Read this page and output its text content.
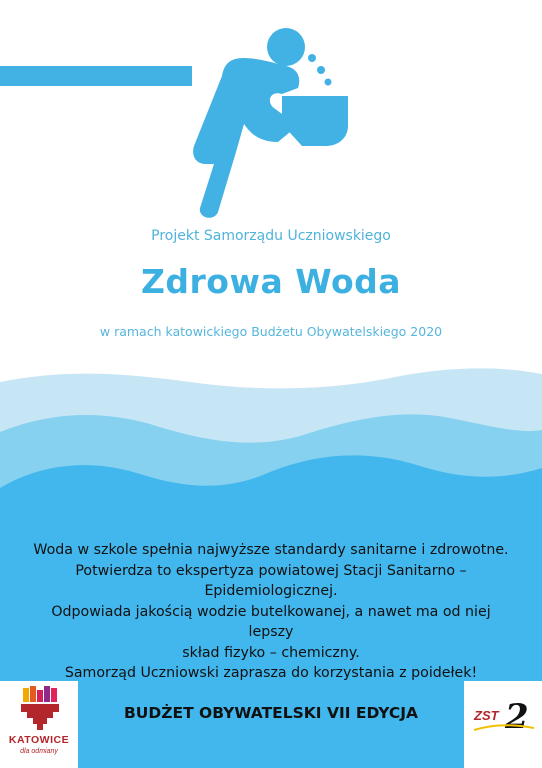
Projekt Samorządu Uczniowskiego
Zdrowa Woda
w ramach katowickiego Budżetu Obywatelskiego 2020

Woda w szkole spełnia najwyższe standardy sanitarne i zdrowotne.

Potwierdza to ekspertyza powiatowej Stacji Sanitarno – Epidemiologicznej.

Odpowiada jakością wodzie butelkowanej, a nawet ma od niej lepszy

skład fizyko – chemiczny.

Samorząd Uczniowski zaprasza do korzystania z poidełek!

BUDŻET OBYWATELSKI VII EDYCJA
KATOWICE
dla odmiany
ZST 2
